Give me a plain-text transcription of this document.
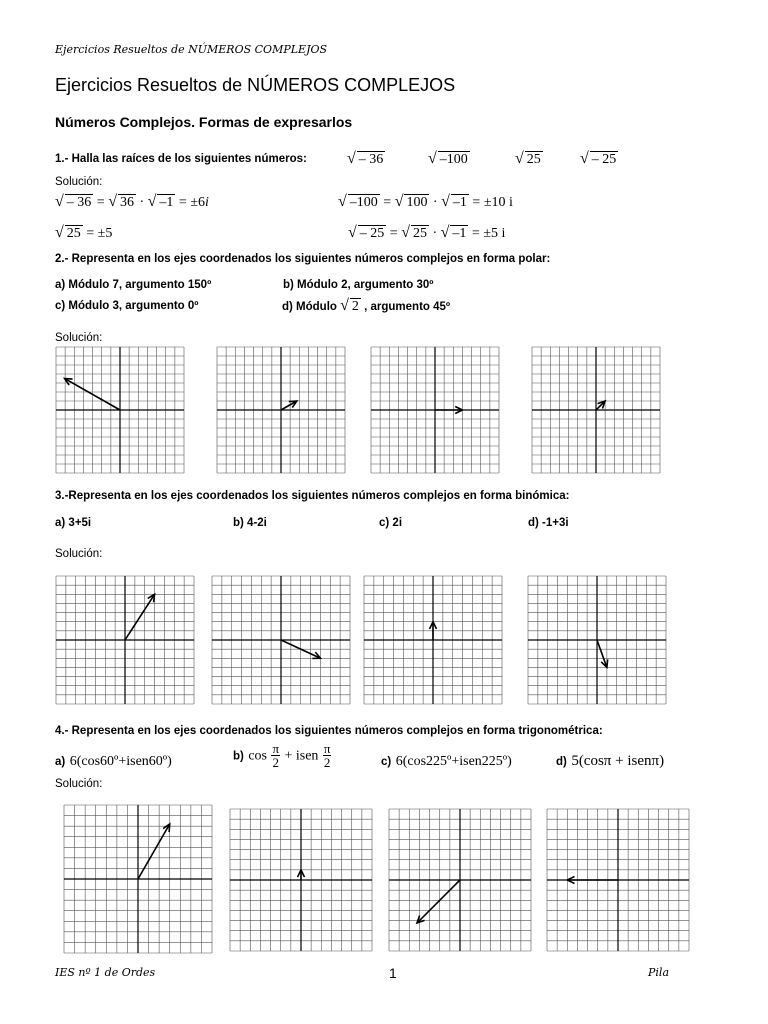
Ejercicios Resueltos de NÚMEROS COMPLEJOS
Ejercicios Resueltos de NÚMEROS COMPLEJOS
Números Complejos. Formas de expresarlos
1.- Halla las raíces de los siguientes números:	√ – 36	√ –100	√ 25 √ – 25
Solución:
√ – 36 = √ 36 · √ –1 = ±6i	√ –100 = √ 100 · √ –1 = ±10 i
√ 25 = ±5	√ – 25 = √ 25 · √ –1 = ±5 i
2.- Representa en los ejes coordenados los siguientes números complejos en forma polar:
a) Módulo 7, argumento 150º	b) Módulo 2, argumento 30º
c) Módulo 3, argumento 0º	d) Módulo √ 2 , argumento 45º
Solución:
3.-Representa en los ejes coordenados los siguientes números complejos en forma binómica:
a) 3+5i	b) 4-2i	c) 2i	d) -1+3i
Solución:
4.- Representa en los ejes coordenados los siguientes números complejos en forma trigonométrica:
$_{a)}$ 6(cos60º+isen60º)	b) $\cos \frac{\pi}{2}$ + isen $\frac{\pi}{2}$	c) 6(cos225º+isen225º)	d) 5(cosπ + isenπ)
Solución:
IES nº 1 de Ordes	1	Pila
